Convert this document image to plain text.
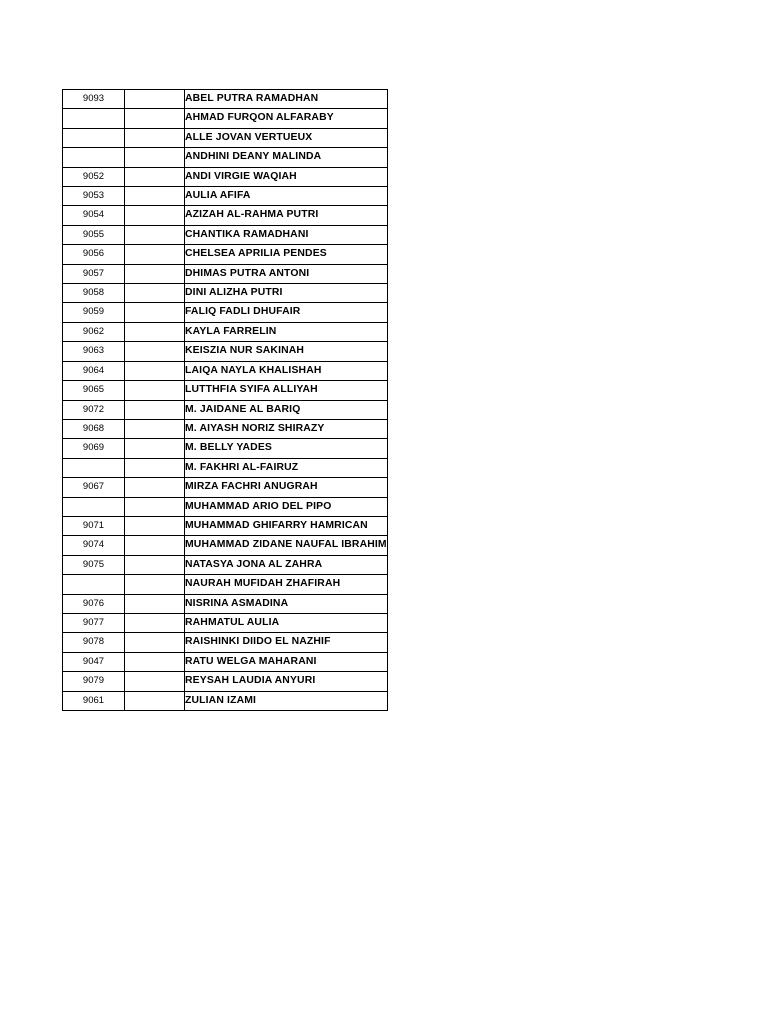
9093		ABEL PUTRA RAMADHAN
		AHMAD FURQON ALFARABY
		ALLE JOVAN VERTUEUX
		ANDHINI DEANY MALINDA
9052		ANDI VIRGIE WAQIAH
9053		AULIA AFIFA
9054		AZIZAH AL-RAHMA PUTRI
9055		CHANTIKA RAMADHANI
9056		CHELSEA APRILIA PENDES
9057		DHIMAS PUTRA ANTONI
9058		DINI ALIZHA PUTRI
9059		FALIQ FADLI DHUFAIR
9062		KAYLA FARRELIN
9063		KEISZIA NUR SAKINAH
9064		LAIQA NAYLA KHALISHAH
9065		LUTTHFIA SYIFA ALLIYAH
9072		M. JAIDANE AL BARIQ
9068		M. AIYASH NORIZ SHIRAZY
9069		M. BELLY YADES
		M. FAKHRI AL-FAIRUZ
9067		MIRZA FACHRI ANUGRAH
		MUHAMMAD ARIO DEL PIPO
9071		MUHAMMAD GHIFARRY HAMRICAN
9074		MUHAMMAD ZIDANE NAUFAL IBRAHIM
9075		NATASYA JONA AL ZAHRA
		NAURAH MUFIDAH ZHAFIRAH
9076		NISRINA ASMADINA
9077		RAHMATUL AULIA
9078		RAISHINKI DIIDO EL NAZHIF
9047		RATU WELGA MAHARANI
9079		REYSAH LAUDIA ANYURI
9061		ZULIAN IZAMI
